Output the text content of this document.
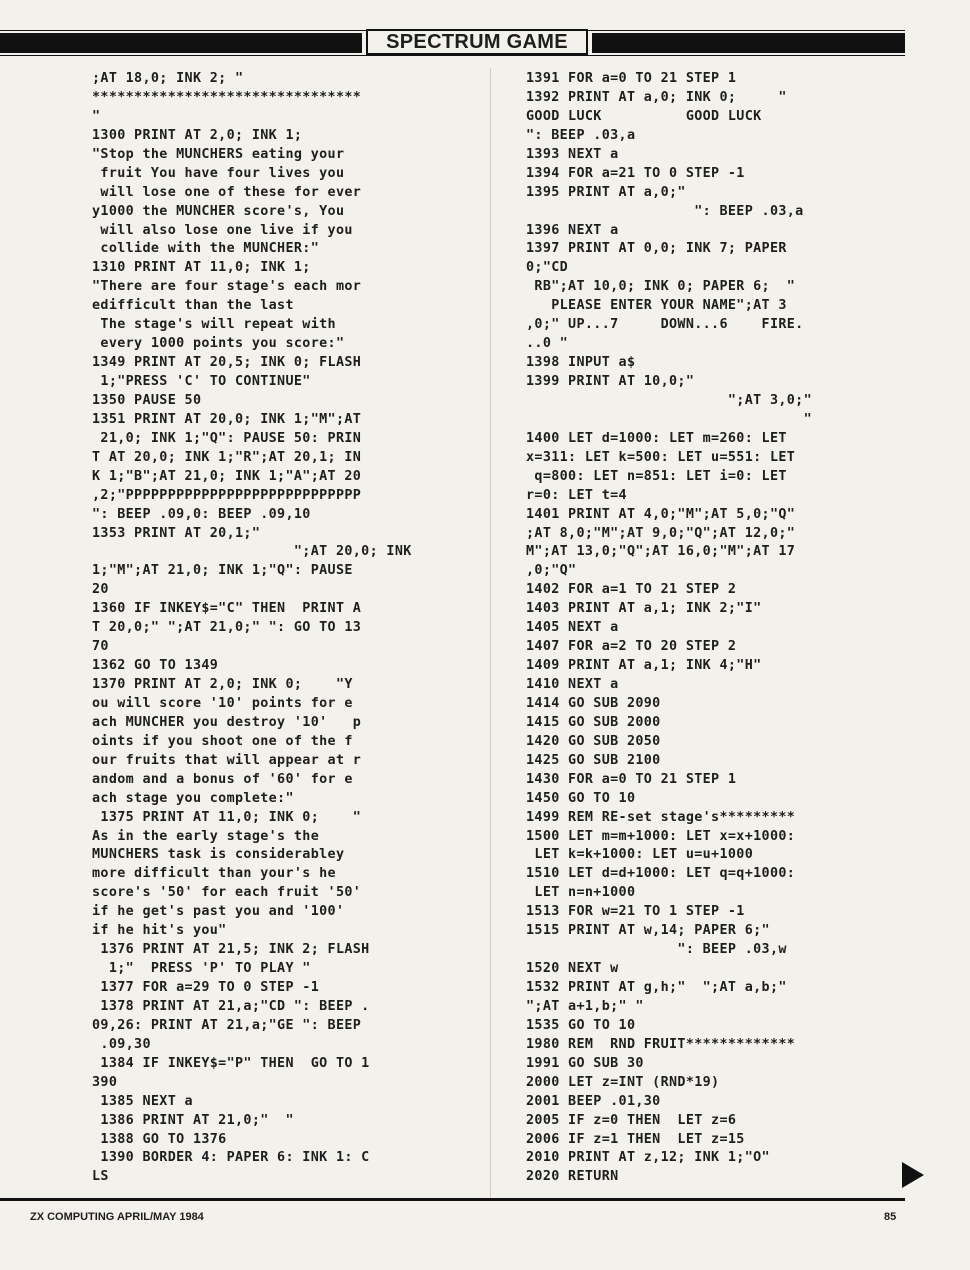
SPECTRUM GAME
;AT 18,0; INK 2; "
********************************
"
1300 PRINT AT 2,0; INK 1;
"Stop the MUNCHERS eating your
fruit You have four lives you
will lose one of these for ever
y1000 the MUNCHER score's, You
will also lose one live if you
collide with the MUNCHER:"
1310 PRINT AT 11,0; INK 1;
"There are four stage's each mor
edifficult than the last
The stage's will repeat with
every 1000 points you score:"
1349 PRINT AT 20,5; INK 0; FLASH
1;"PRESS 'C' TO CONTINUE"
1350 PAUSE 50
1351 PRINT AT 20,0; INK 1;"M";AT
21,0; INK 1;"Q": PAUSE 50: PRIN
T AT 20,0; INK 1;"R";AT 20,1; IN
K 1;"B";AT 21,0; INK 1;"A";AT 20
,2;"PPPPPPPPPPPPPPPPPPPPPPPPPPPP
": BEEP .09,0: BEEP .09,10
1353 PRINT AT 20,1;"
";AT 20,0; INK
1;"M";AT 21,0; INK 1;"Q": PAUSE
20
1360 IF INKEY$="C" THEN  PRINT A
T 20,0;" ";AT 21,0;" ": GO TO 13
70
1362 GO TO 1349
1370 PRINT AT 2,0; INK 0;    "Y
ou will score '10' points for e
ach MUNCHER you destroy '10'   p
oints if you shoot one of the f
our fruits that will appear at r
andom and a bonus of '60' for e
ach stage you complete:"
1375 PRINT AT 11,0; INK 0;    "
As in the early stage's the
MUNCHERS task is considerabley
more difficult than your's he
score's '50' for each fruit '50'
if he get's past you and '100'
if he hit's you"
1376 PRINT AT 21,5; INK 2; FLASH
1;"  PRESS 'P' TO PLAY "
1377 FOR a=29 TO 0 STEP -1
1378 PRINT AT 21,a;"CD ": BEEP .
09,26: PRINT AT 21,a;"GE ": BEEP
.09,30
1384 IF INKEY$="P" THEN  GO TO 1
390
1385 NEXT a
1386 PRINT AT 21,0;"  "
1388 GO TO 1376
1390 BORDER 4: PAPER 6: INK 1: C
LS
1391 FOR a=0 TO 21 STEP 1
1392 PRINT AT a,0; INK 0;     "
GOOD LUCK          GOOD LUCK
": BEEP .03,a
1393 NEXT a
1394 FOR a=21 TO 0 STEP -1
1395 PRINT AT a,0;"
": BEEP .03,a
1396 NEXT a
1397 PRINT AT 0,0; INK 7; PAPER
0;"CD
RB";AT 10,0; INK 0; PAPER 6;  "
PLEASE ENTER YOUR NAME";AT 3
,0;" UP...7     DOWN...6    FIRE.
..0 "
1398 INPUT a$
1399 PRINT AT 10,0;"
";AT 3,0;"
"
1400 LET d=1000: LET m=260: LET
x=311: LET k=500: LET u=551: LET
q=800: LET n=851: LET i=0: LET
r=0: LET t=4
1401 PRINT AT 4,0;"M";AT 5,0;"Q"
;AT 8,0;"M";AT 9,0;"Q";AT 12,0;"
M";AT 13,0;"Q";AT 16,0;"M";AT 17
,0;"Q"
1402 FOR a=1 TO 21 STEP 2
1403 PRINT AT a,1; INK 2;"I"
1405 NEXT a
1407 FOR a=2 TO 20 STEP 2
1409 PRINT AT a,1; INK 4;"H"
1410 NEXT a
1414 GO SUB 2090
1415 GO SUB 2000
1420 GO SUB 2050
1425 GO SUB 2100
1430 FOR a=0 TO 21 STEP 1
1450 GO TO 10
1499 REM RE-set stage's*********
1500 LET m=m+1000: LET x=x+1000:
LET k=k+1000: LET u=u+1000
1510 LET d=d+1000: LET q=q+1000:
LET n=n+1000
1513 FOR w=21 TO 1 STEP -1
1515 PRINT AT w,14; PAPER 6;"
": BEEP .03,w
1520 NEXT w
1532 PRINT AT g,h;"  ";AT a,b;"
";AT a+1,b;" "
1535 GO TO 10
1980 REM  RND FRUIT*************
1991 GO SUB 30
2000 LET z=INT (RND*19)
2001 BEEP .01,30
2005 IF z=0 THEN  LET z=6
2006 IF z=1 THEN  LET z=15
2010 PRINT AT z,12; INK 1;"O"
2020 RETURN
ZX COMPUTING APRIL/MAY 1984	85
